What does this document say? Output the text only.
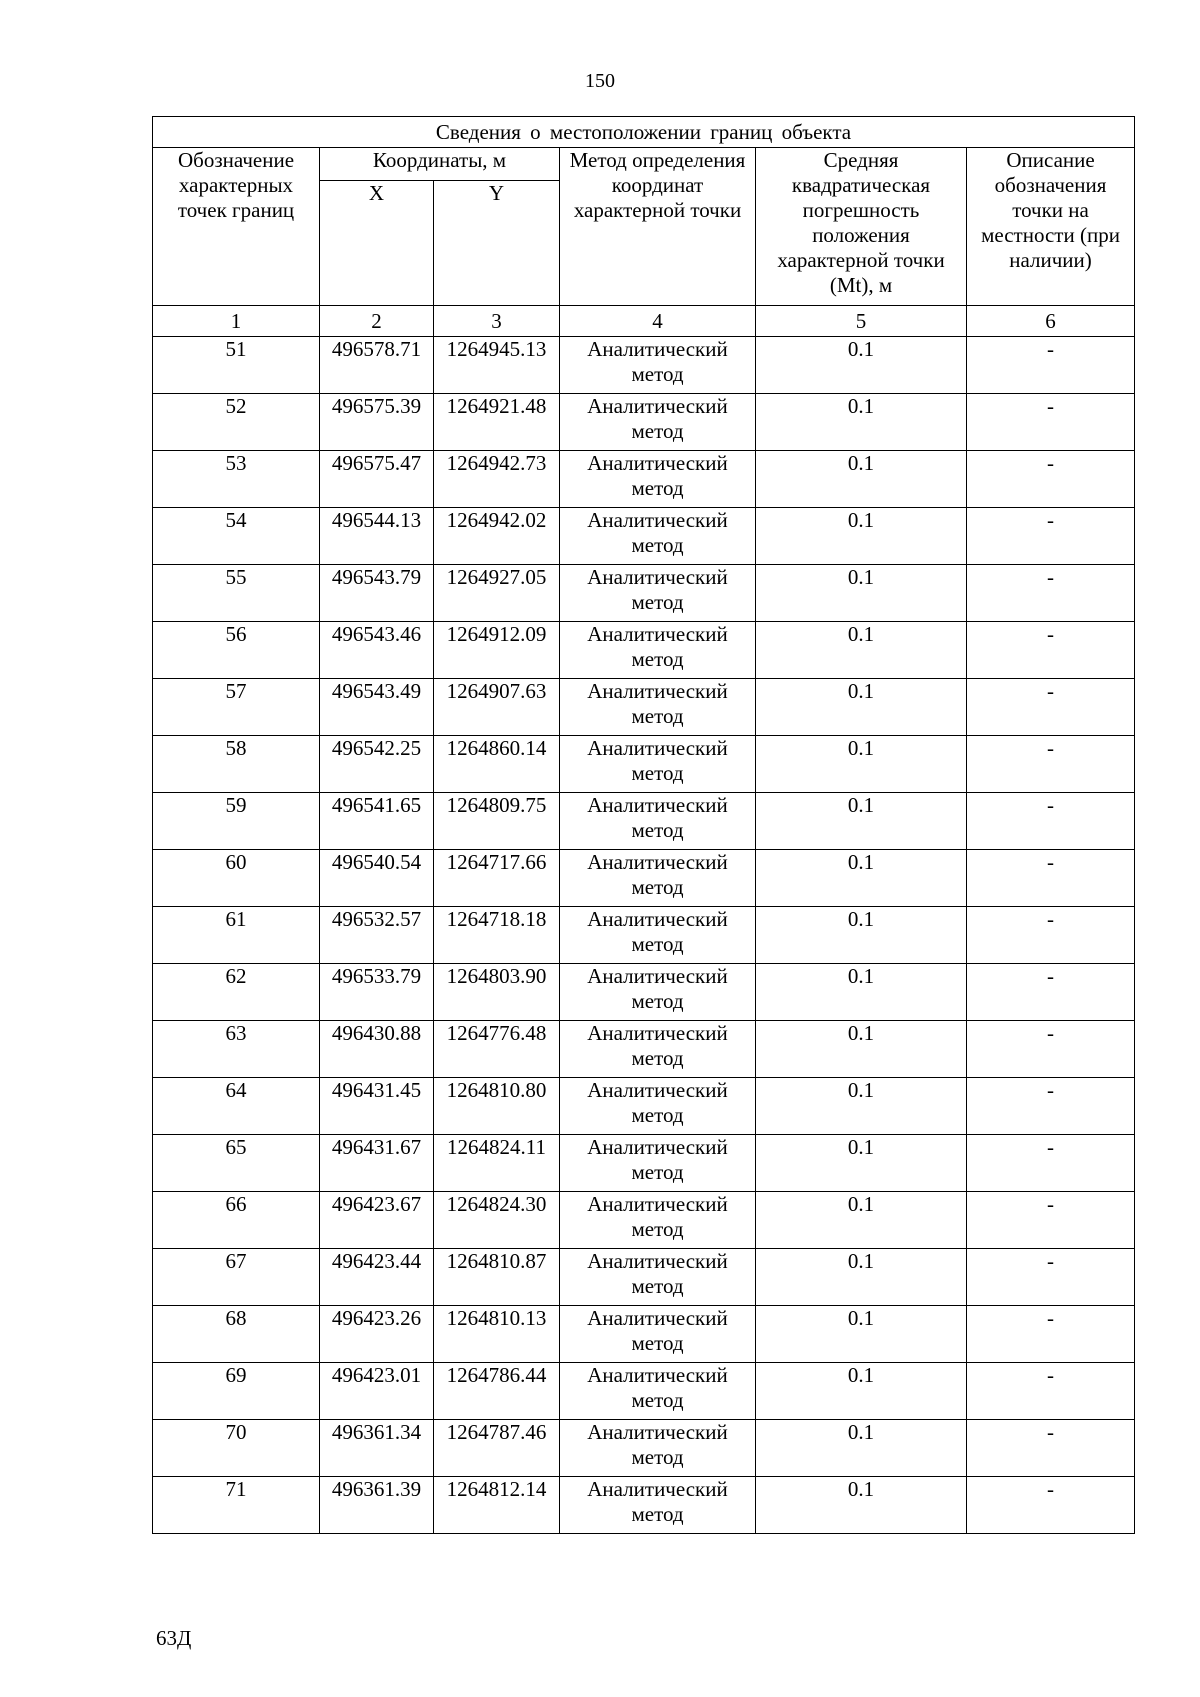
150
Сведения о местоположении границ объекта					
Обозначение характерных точек границ	Координаты, м		Метод определения координат характерной точки	Средняя квадратическая погрешность положения характерной точки (Mt), м	Описание обозначения точки на местности (при наличии)
	X	Y			
1	2	3	4	5	6
51	496578.71	1264945.13	Аналитический метод	0.1	-
52	496575.39	1264921.48	Аналитический метод	0.1	-
53	496575.47	1264942.73	Аналитический метод	0.1	-
54	496544.13	1264942.02	Аналитический метод	0.1	-
55	496543.79	1264927.05	Аналитический метод	0.1	-
56	496543.46	1264912.09	Аналитический метод	0.1	-
57	496543.49	1264907.63	Аналитический метод	0.1	-
58	496542.25	1264860.14	Аналитический метод	0.1	-
59	496541.65	1264809.75	Аналитический метод	0.1	-
60	496540.54	1264717.66	Аналитический метод	0.1	-
61	496532.57	1264718.18	Аналитический метод	0.1	-
62	496533.79	1264803.90	Аналитический метод	0.1	-
63	496430.88	1264776.48	Аналитический метод	0.1	-
64	496431.45	1264810.80	Аналитический метод	0.1	-
65	496431.67	1264824.11	Аналитический метод	0.1	-
66	496423.67	1264824.30	Аналитический метод	0.1	-
67	496423.44	1264810.87	Аналитический метод	0.1	-
68	496423.26	1264810.13	Аналитический метод	0.1	-
69	496423.01	1264786.44	Аналитический метод	0.1	-
70	496361.34	1264787.46	Аналитический метод	0.1	-
71	496361.39	1264812.14	Аналитический метод	0.1	-
63Д
